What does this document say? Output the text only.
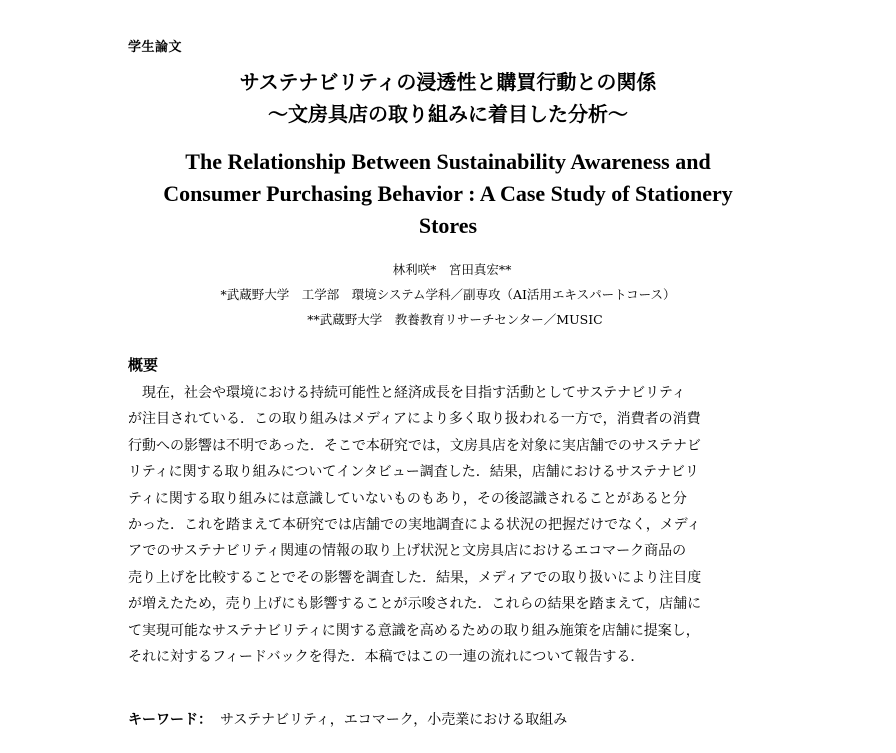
学生論文
サステナビリティの浸透性と購買行動との関係
～文房具店の取り組みに着目した分析～
The Relationship Between Sustainability Awareness and
Consumer Purchasing Behavior : A Case Study of Stationery
Stores
林利咲*　宮田真宏**
*武蔵野大学　工学部　環境システム学科／副専攻（AI活用エキスパートコース）
**武蔵野大学　教養教育リサーチセンター／MUSIC
概要
現在，社会や環境における持続可能性と経済成長を目指す活動としてサステナビリティ
が注目されている．この取り組みはメディアにより多く取り扱われる一方で，消費者の消費
行動への影響は不明であった．そこで本研究では，文房具店を対象に実店舗でのサステナビ
リティに関する取り組みについてインタビュー調査した．結果，店舗におけるサステナビリ
ティに関する取り組みには意識していないものもあり，その後認識されることがあると分
かった．これを踏まえて本研究では店舗での実地調査による状況の把握だけでなく，メディ
アでのサステナビリティ関連の情報の取り上げ状況と文房具店におけるエコマーク商品の
売り上げを比較することでその影響を調査した．結果，メディアでの取り扱いにより注目度
が増えたため，売り上げにも影響することが示唆された．これらの結果を踏まえて，店舗に
て実現可能なサステナビリティに関する意識を高めるための取り組み施策を店舗に提案し，
それに対するフィードバックを得た．本稿ではこの一連の流れについて報告する．
キーワード： サステナビリティ，エコマーク，小売業における取組み
